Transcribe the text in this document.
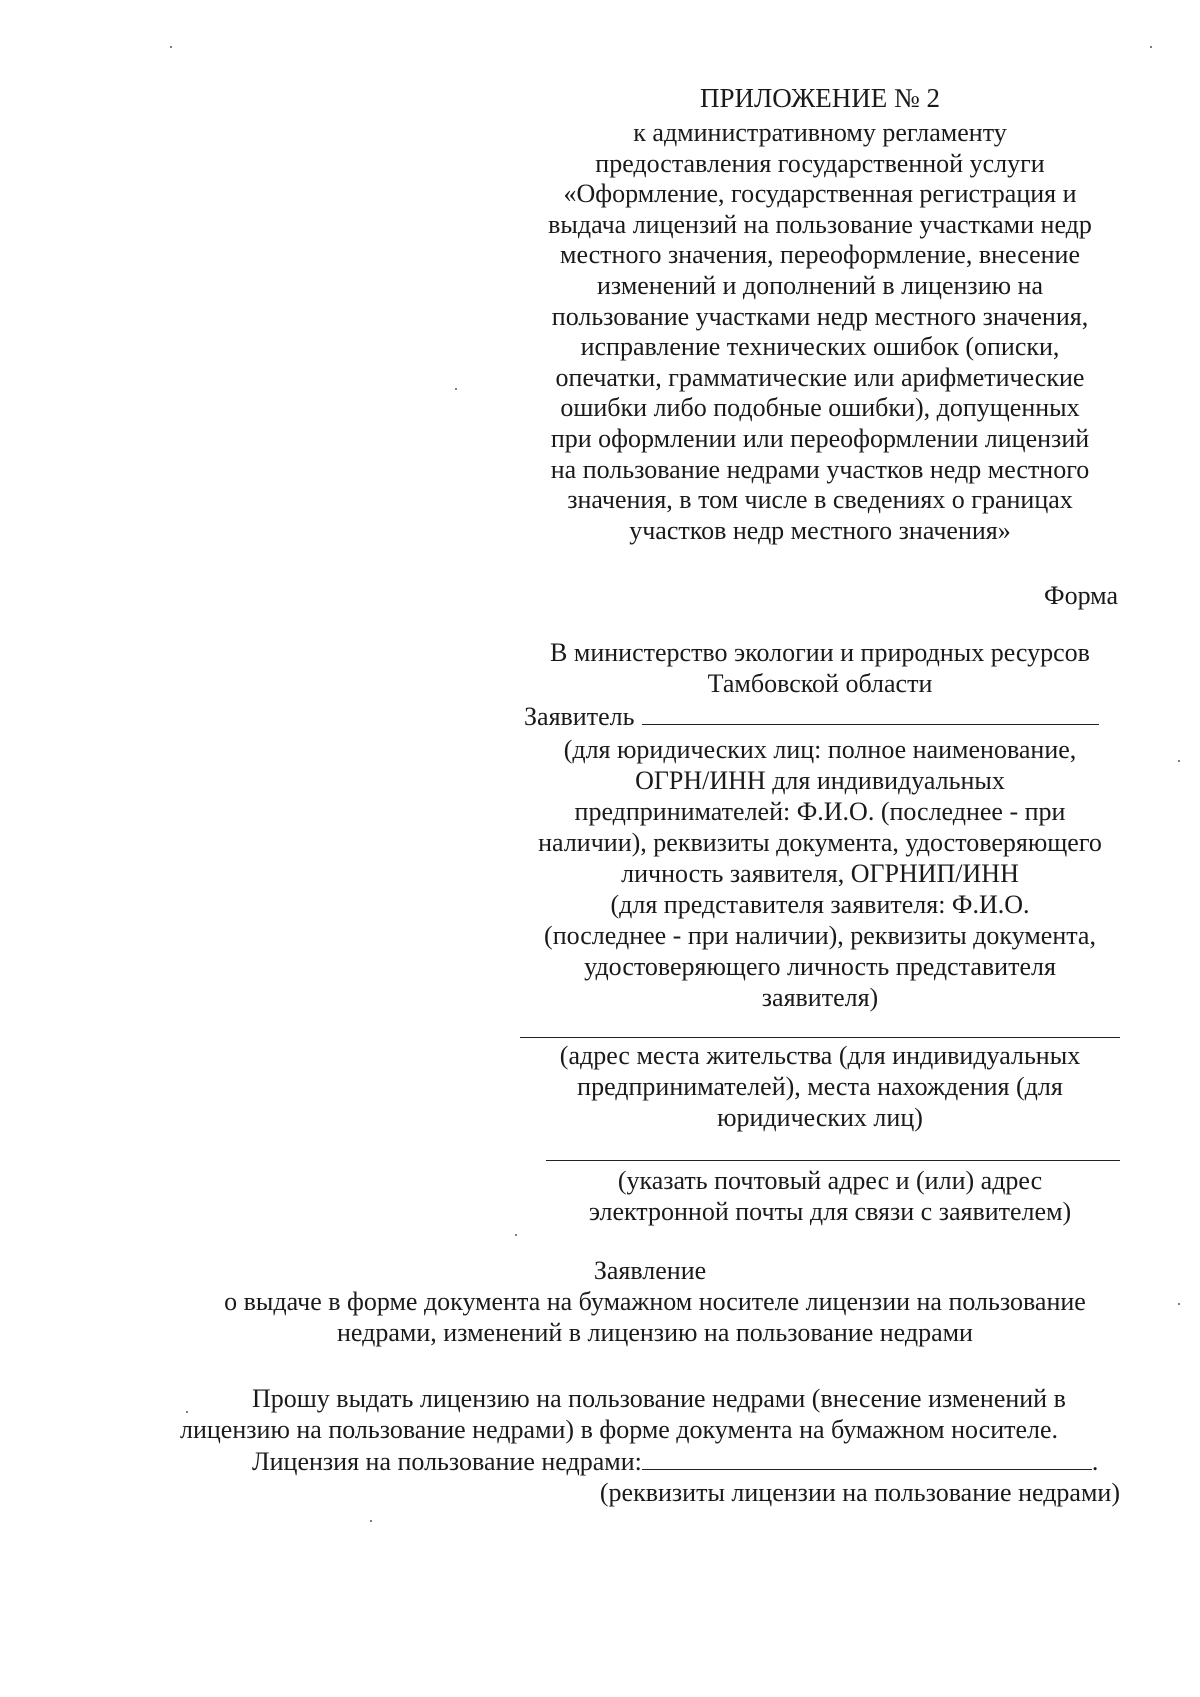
ПРИЛОЖЕНИЕ № 2
к административному регламенту
предоставления государственной услуги
«Оформление, государственная регистрация и
выдача лицензий на пользование участками недр
местного значения, переоформление, внесение
изменений и дополнений в лицензию на
пользование участками недр местного значения,
исправление технических ошибок (описки,
опечатки, грамматические или арифметические
ошибки либо подобные ошибки), допущенных
при оформлении или переоформлении лицензий
на пользование недрами участков недр местного
значения, в том числе в сведениях о границах
участков недр местного значения»
Форма
В министерство экологии и природных ресурсов
Тамбовской области
Заявитель
(для юридических лиц: полное наименование,
ОГРН/ИНН для индивидуальных
предпринимателей: Ф.И.О. (последнее - при
наличии), реквизиты документа, удостоверяющего
личность заявителя, ОГРНИП/ИНН
(для представителя заявителя: Ф.И.О.
(последнее - при наличии), реквизиты документа,
удостоверяющего личность представителя
заявителя)
(адрес места жительства (для индивидуальных
предпринимателей), места нахождения (для
юридических лиц)
(указать почтовый адрес и (или) адрес
электронной почты для связи с заявителем)
Заявление
о выдаче в форме документа на бумажном носителе лицензии на пользование
недрами, изменений в лицензию на пользование недрами
Прошу выдать лицензию на пользование недрами (внесение изменений в
лицензию на пользование недрами) в форме документа на бумажном носителе.
Лицензия на пользование недрами:	.
(реквизиты лицензии на пользование недрами)
